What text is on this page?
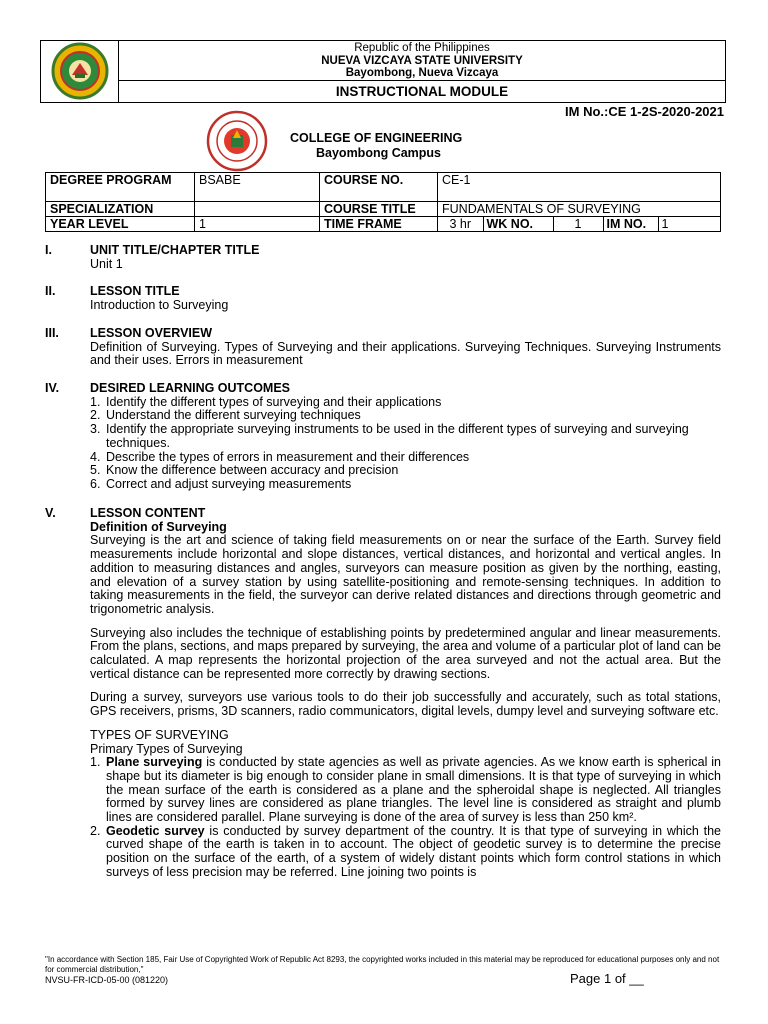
Republic of the Philippines
NUEVA VIZCAYA STATE UNIVERSITY
Bayombong, Nueva Vizcaya
INSTRUCTIONAL MODULE
IM No.:CE 1-2S-2020-2021
COLLEGE OF ENGINEERING
Bayombong Campus
DEGREE PROGRAM	BSABE	COURSE NO.	CE-1
SPECIALIZATION		COURSE TITLE	FUNDAMENTALS OF SURVEYING
YEAR LEVEL	1	TIME FRAME		3 hr	WK NO.	1	IM NO.	1
I.	UNIT TITLE/CHAPTER TITLE
Unit 1
II.	LESSON TITLE
Introduction to Surveying
III. LESSON OVERVIEW
Definition of Surveying. Types of Surveying and their applications. Surveying Techniques. Surveying Instruments and their uses. Errors in measurement
IV. DESIRED LEARNING OUTCOMES
1. Identify the different types of surveying and their applications
2. Understand the different surveying techniques
3. Identify the appropriate surveying instruments to be used in the different types of surveying and surveying techniques.
4. Describe the types of errors in measurement and their differences
5. Know the difference between accuracy and precision
6. Correct and adjust surveying measurements
V.	LESSON CONTENT
Definition of Surveying
Surveying is the art and science of taking field measurements on or near the surface of the Earth. Survey field measurements include horizontal and slope distances, vertical distances, and horizontal and vertical angles. In addition to measuring distances and angles, surveyors can measure position as given by the northing, easting, and elevation of a survey station by using satellite-positioning and remote-sensing techniques. In addition to taking measurements in the field, the surveyor can derive related distances and directions through geometric and trigonometric analysis.
Surveying also includes the technique of establishing points by predetermined angular and linear measurements. From the plans, sections, and maps prepared by surveying, the area and volume of a particular plot of land can be calculated. A map represents the horizontal projection of the area surveyed and not the actual area. But the vertical distance can be represented more correctly by drawing sections.
During a survey, surveyors use various tools to do their job successfully and accurately, such as total stations, GPS receivers, prisms, 3D scanners, radio communicators, digital levels, dumpy level and surveying software etc.
TYPES OF SURVEYING
Primary Types of Surveying
1. Plane surveying is conducted by state agencies as well as private agencies. As we know earth is spherical in shape but its diameter is big enough to consider plane in small dimensions. It is that type of surveying in which the mean surface of the earth is considered as a plane and the spheroidal shape is neglected. All triangles formed by survey lines are considered as plane triangles. The level line is considered as straight and plumb lines are considered parallel. Plane surveying is done of the area of survey is less than 250 km².
2. Geodetic survey is conducted by survey department of the country. It is that type of surveying in which the curved shape of the earth is taken in to account. The object of geodetic survey is to determine the precise position on the surface of the earth, of a system of widely distant points which form control stations in which surveys of less precision may be referred. Line joining two points is
"In accordance with Section 185, Fair Use of Copyrighted Work of Republic Act 8293, the copyrighted works included in this material may be reproduced for educational purposes only and not for commercial distribution,"
NVSU-FR-ICD-05-00 (081220)	Page 1 of __
